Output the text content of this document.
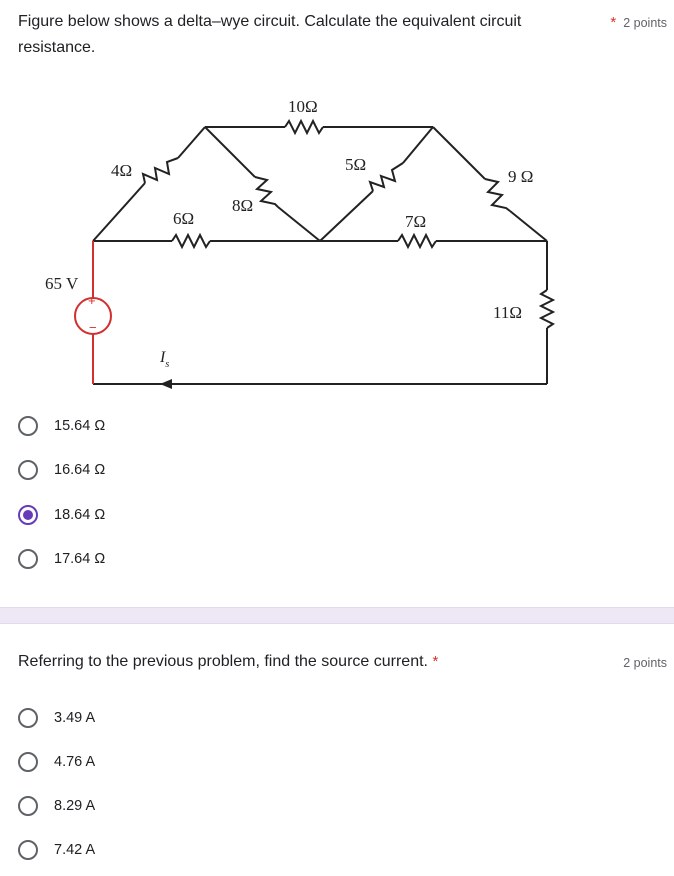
Figure below shows a delta–wye circuit. Calculate the equivalent circuit
resistance.
* 2 points
+
−
10Ω
4Ω	5Ω
9 Ω
8Ω
6Ω	7Ω
11Ω
65 V
$I_s$
15.64 Ω
16.64 Ω
18.64 Ω
17.64 Ω
Referring to the previous problem, find the source current. *	2 points
3.49 A
4.76 A
8.29 A
7.42 A
